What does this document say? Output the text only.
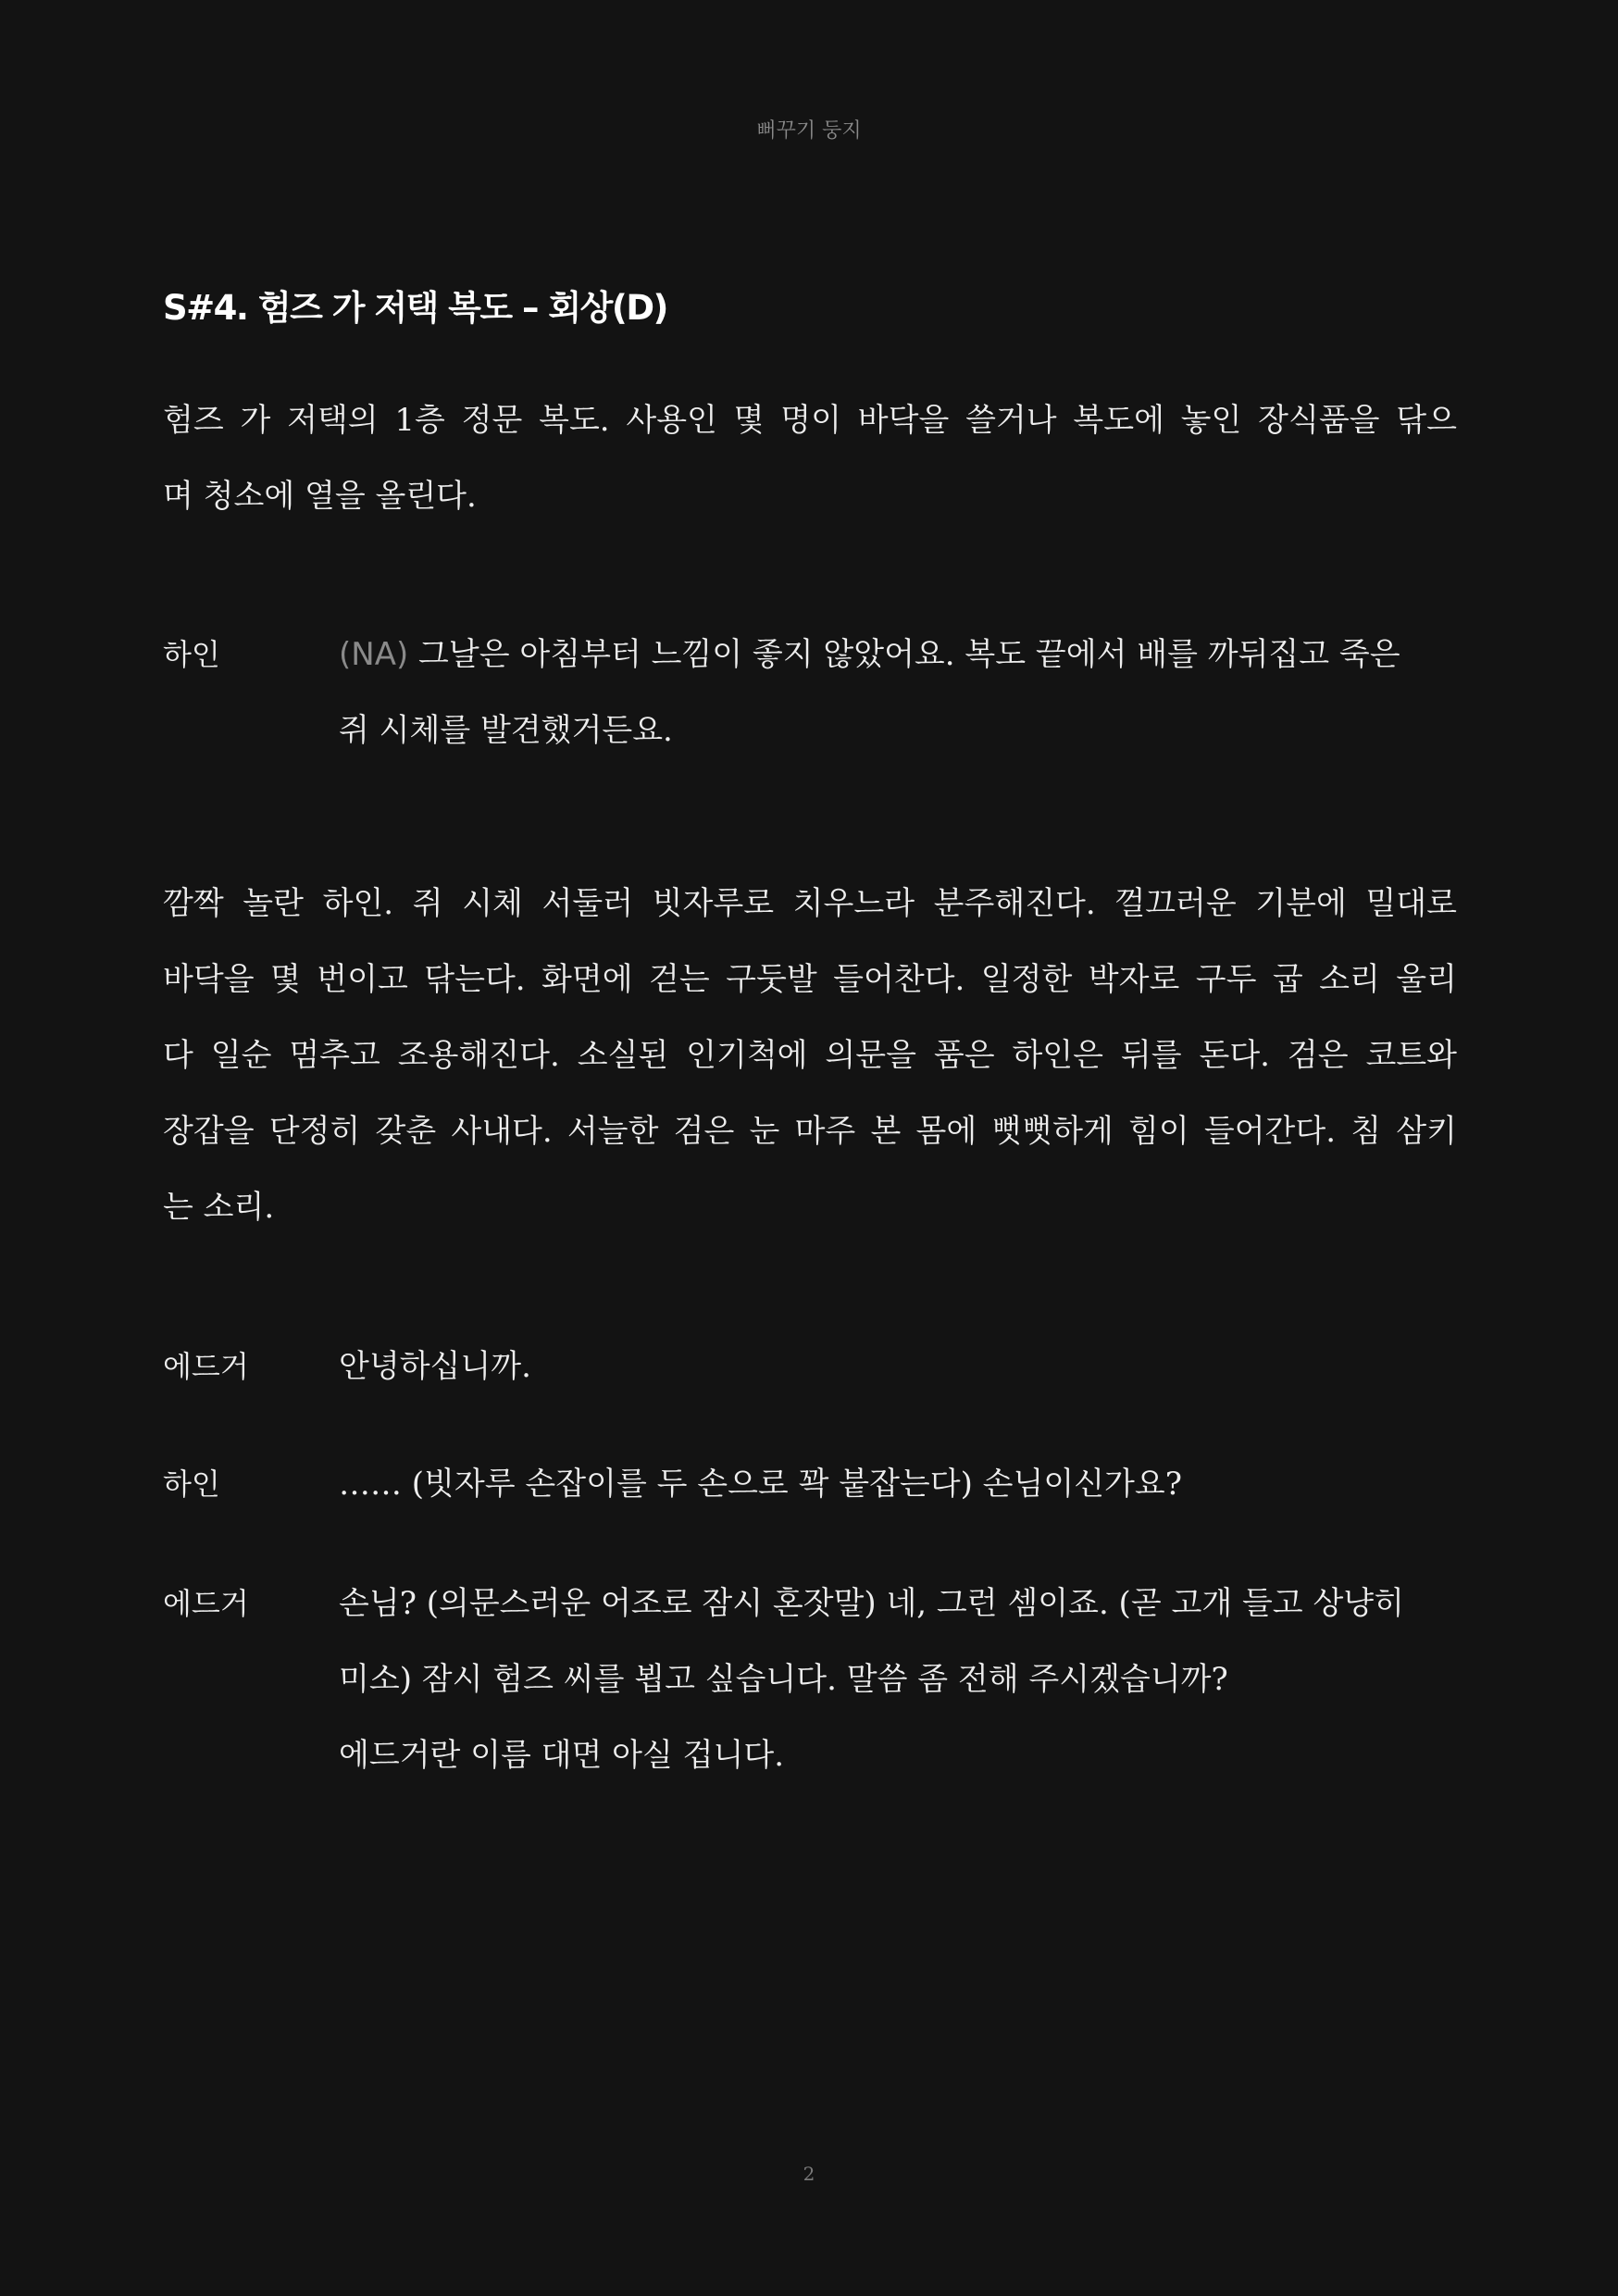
뻐꾸기 둥지
S#4. 험즈 가 저택 복도 – 회상(D)
험즈 가 저택의 1층 정문 복도. 사용인 몇 명이 바닥을 쓸거나 복도에 놓인 장식품을 닦으
며 청소에 열을 올린다.
하인	(NA) 그날은 아침부터 느낌이 좋지 않았어요. 복도 끝에서 배를 까뒤집고 죽은
쥐 시체를 발견했거든요.
깜짝 놀란 하인. 쥐 시체 서둘러 빗자루로 치우느라 분주해진다. 껄끄러운 기분에 밀대로
바닥을 몇 번이고 닦는다. 화면에 걷는 구둣발 들어찬다. 일정한 박자로 구두 굽 소리 울리
다 일순 멈추고 조용해진다. 소실된 인기척에 의문을 품은 하인은 뒤를 돈다. 검은 코트와
장갑을 단정히 갖춘 사내다. 서늘한 검은 눈 마주 본 몸에 뻣뻣하게 힘이 들어간다. 침 삼키
는 소리.
에드거	안녕하십니까.
하인	…… (빗자루 손잡이를 두 손으로 꽉 붙잡는다) 손님이신가요?
에드거	손님? (의문스러운 어조로 잠시 혼잣말) 네, 그런 셈이죠. (곧 고개 들고 상냥히
미소) 잠시 험즈 씨를 뵙고 싶습니다. 말씀 좀 전해 주시겠습니까?
에드거란 이름 대면 아실 겁니다.
2
